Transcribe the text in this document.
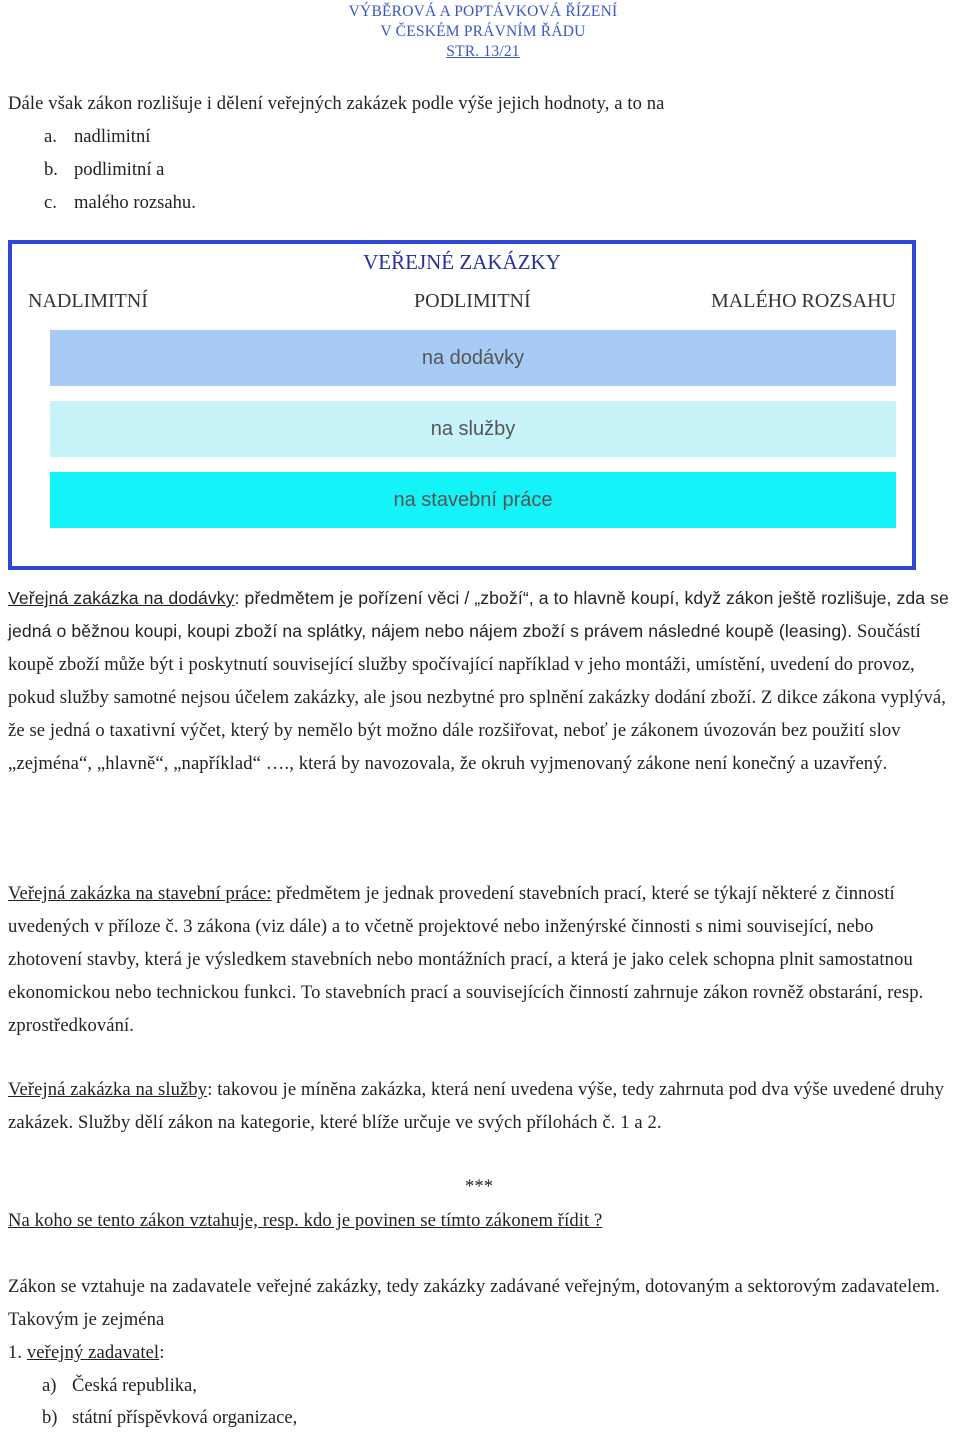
VÝBĚROVÁ A POPTÁVKOVÁ ŘÍZENÍ
V ČESKÉM PRÁVNÍM ŘÁDU
STR. 13/21
Dále však zákon rozlišuje i dělení veřejných zakázek podle výše jejich hodnoty, a to na
a. nadlimitní
b. podlimitní a
c. malého rozsahu.
VEŘEJNÉ ZAKÁZKY
NADLIMITNÍ	PODLIMITNÍ	MALÉHO ROZSAHU
na dodávky
na služby
na stavební práce

Veřejná zakázka na dodávky: předmětem je pořízení věci / „zboží“, a to hlavně koupí, když zákon ještě rozlišuje, zda se jedná o běžnou koupi, koupi zboží na splátky, nájem nebo nájem zboží s právem následné koupě (leasing). Součástí koupě zboží může být i poskytnutí související služby spočívající například v jeho montáži, umístění, uvedení do provoz, pokud služby samotné nejsou účelem zakázky, ale jsou nezbytné pro splnění zakázky dodání zboží. Z dikce zákona vyplývá, že se jedná o taxativní výčet, který by nemělo být možno dále rozšiřovat, neboť je zákonem úvozován bez použití slov „zejména“, „hlavně“, „například“ …., která by navozovala, že okruh vyjmenovaný zákone není konečný a uzavřený.

Veřejná zakázka na stavební práce: předmětem je jednak provedení stavebních prací, které se týkají některé z činností uvedených v příloze č. 3 zákona (viz dále) a to včetně projektové nebo inženýrské činnosti s nimi související, nebo zhotovení stavby, která je výsledkem stavebních nebo montážních prací, a která je jako celek schopna plnit samostatnou ekonomickou nebo technickou funkci. To stavebních prací a souvisejících činností zahrnuje zákon rovněž obstarání, resp. zprostředkování.

Veřejná zakázka na služby: takovou je míněna zakázka, která není uvedena výše, tedy zahrnuta pod dva výše uvedené druhy zakázek. Služby dělí zákon na kategorie, které blíže určuje ve svých přílohách č. 1 a 2.

***
Na koho se tento zákon vztahuje, resp. kdo je povinen se tímto zákonem řídit ?
Zákon se vztahuje na zadavatele veřejné zakázky, tedy zakázky zadávané veřejným, dotovaným a sektorovým zadavatelem. Takovým je zejména
1. veřejný zadavatel:
a) Česká republika,
b) státní příspěvková organizace,
